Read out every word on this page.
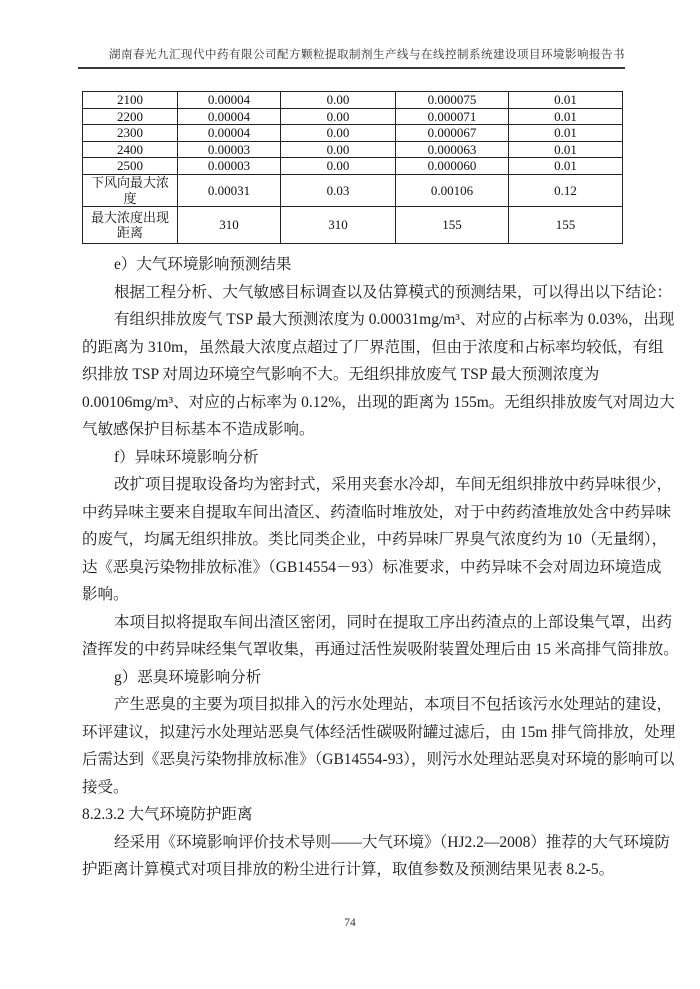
湖南春光九汇现代中药有限公司配方颗粒提取制剂生产线与在线控制系统建设项目环境影响报告书
2100	0.00004	0.00	0.000075	0.01
2200	0.00004	0.00	0.000071	0.01
2300	0.00004	0.00	0.000067	0.01
2400	0.00003	0.00	0.000063	0.01
2500	0.00003	0.00	0.000060	0.01
下风向最大浓度	0.00031	0.03	0.00106	0.12
最大浓度出现距离	310	310	155	155
e）大气环境影响预测结果
根据工程分析、大气敏感目标调查以及估算模式的预测结果，可以得出以下结论：
有组织排放废气 TSP 最大预测浓度为 0.00031mg/m³、对应的占标率为 0.03%，出现
的距离为 310m，虽然最大浓度点超过了厂界范围，但由于浓度和占标率均较低，有组
织排放 TSP 对周边环境空气影响不大。无组织排放废气 TSP 最大预测浓度为
0.00106mg/m³、对应的占标率为 0.12%，出现的距离为 155m。无组织排放废气对周边大
气敏感保护目标基本不造成影响。
f）异味环境影响分析
改扩项目提取设备均为密封式，采用夹套水冷却，车间无组织排放中药异味很少，
中药异味主要来自提取车间出渣区、药渣临时堆放处，对于中药药渣堆放处含中药异味
的废气，均属无组织排放。类比同类企业，中药异味厂界臭气浓度约为 10（无量纲），
达《恶臭污染物排放标准》（GB14554－93）标准要求，中药异味不会对周边环境造成
影响。
本项目拟将提取车间出渣区密闭，同时在提取工序出药渣点的上部设集气罩，出药
渣挥发的中药异味经集气罩收集，再通过活性炭吸附装置处理后由 15 米高排气筒排放。
g）恶臭环境影响分析
产生恶臭的主要为项目拟排入的污水处理站，本项目不包括该污水处理站的建设，
环评建议，拟建污水处理站恶臭气体经活性碳吸附罐过滤后，由 15m 排气筒排放，处理
后需达到《恶臭污染物排放标准》（GB14554-93），则污水处理站恶臭对环境的影响可以
接受。
8.2.3.2 大气环境防护距离
经采用《环境影响评价技术导则——大气环境》（HJ2.2—2008）推荐的大气环境防
护距离计算模式对项目排放的粉尘进行计算，取值参数及预测结果见表 8.2-5。
74
